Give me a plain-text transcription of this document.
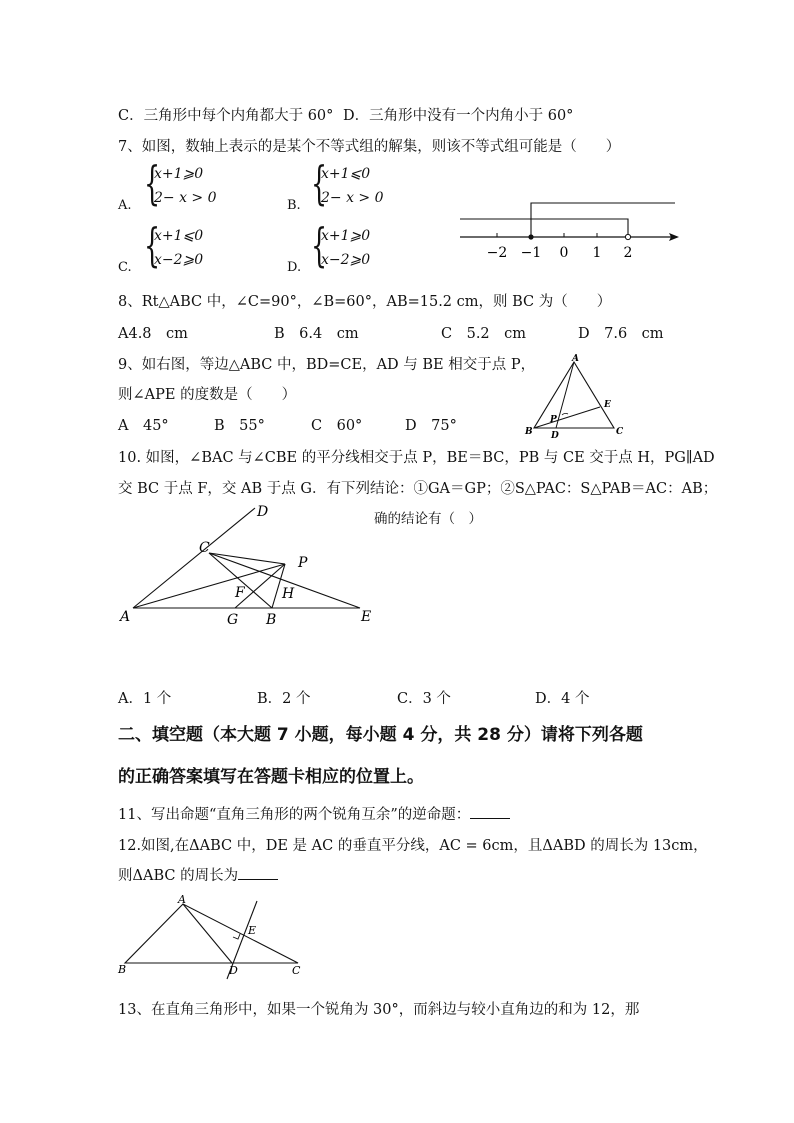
C．三角形中每个内角都大于 60° D．三角形中没有一个内角小于 60°
7、如图，数轴上表示的是某个不等式组的解集，则该不等式组可能是（　　）
A. {
x+1⩾0
2− x > 0	B. {
x+1⩽0
2− x > 0
C. {
x+1⩽0
x−2⩾0	D. {
x+1⩾0
x−2⩾0	−2 −1 0 1 2
8、Rt△ABC 中，∠C=90°，∠B=60°，AB=15.2 cm，则 BC 为（　　）
A4.8　cm	B　6.4　cm	C　5.2　cm	D　7.6　cm
9、如右图，等边△ABC 中，BD=CE，AD 与 BE 相交于点 P，
则∠APE 的度数是（　　）
A　45°	B　55°	C　60°	D　75°
A
B	C
D
E
P
10. 如图，∠BAC 与∠CBE 的平分线相交于点 P，BE＝BC，PB 与 CE 交于点 H，PG∥AD
交 BC 于点 F，交 AB 于点 G．有下列结论：①GA＝GP；②S△PAC：S△PAB＝AC：AB；
确的结论有（　）
D
C
P
A	G B	E
F	H
A．1 个	B．2 个	C．3 个	D．4 个
二、填空题（本大题 7 小题，每小题 4 分，共 28 分）请将下列各题
的正确答案填写在答题卡相应的位置上。
11、写出命题“直角三角形的两个锐角互余”的逆命题：
12.如图,在ΔABC 中，DE 是 AC 的垂直平分线，AC = 6cm，且ΔABD 的周长为 13cm，
则ΔABC 的周长为
A
B	C
D
E
13、在直角三角形中，如果一个锐角为 30°，而斜边与较小直角边的和为 12，那
